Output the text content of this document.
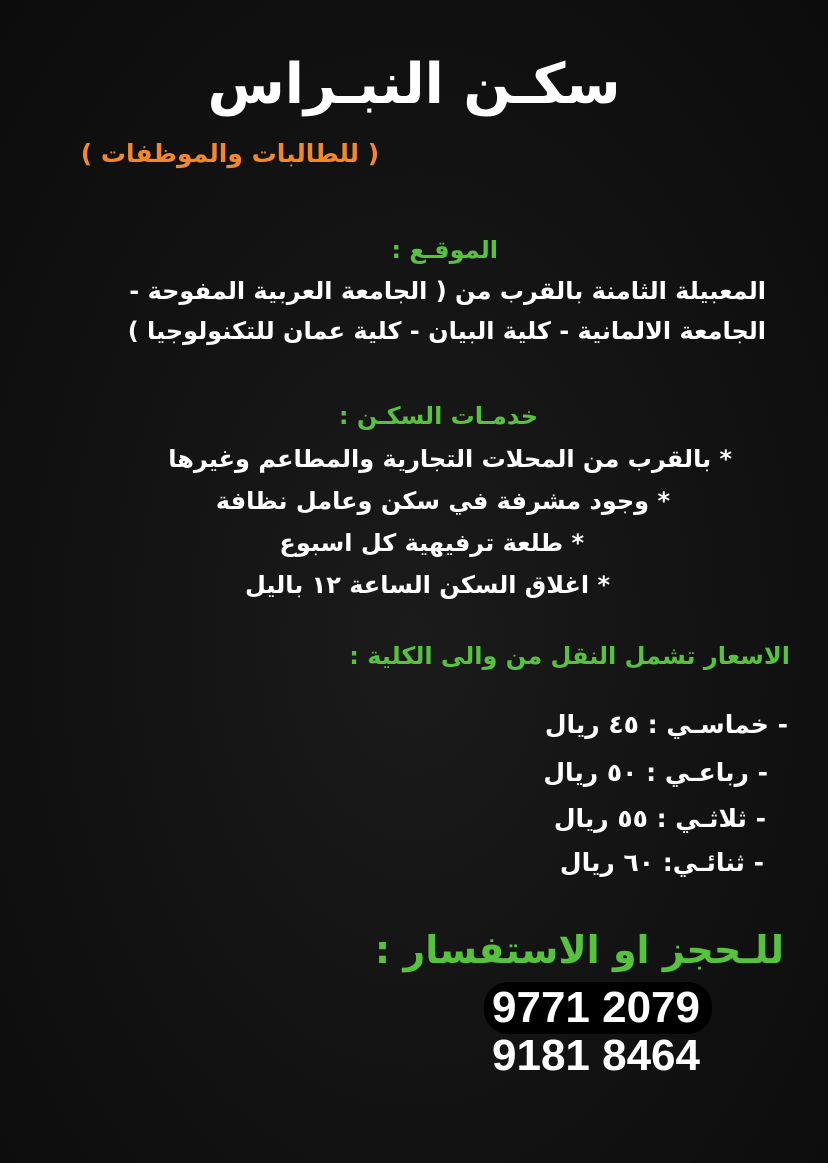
سكـن النبـراس
( للطالبات والموظفات )
الموقـع :
المعبيلة الثامنة بالقرب من ( الجامعة العربية المفوحة -
الجامعة الالمانية - كلية البيان - كلية عمان للتكنولوجيا )
خدمـات السكـن :
* بالقرب من المحلات التجارية والمطاعم وغيرها
* وجود مشرفة في سكن وعامل نظافة
* طلعة ترفيهية كل اسبوع
* اغلاق السكن الساعة ١٢ باليل
الاسعار تشمل النقل من والى الكلية :
- خماسـي : ٤٥ ريال
- رباعـي : ٥٠ ريال
- ثلاثـي : ٥٥ ريال
- ثنائـي: ٦٠ ريال
للـحجز او الاستفسار :
9771 2079
9181 8464
